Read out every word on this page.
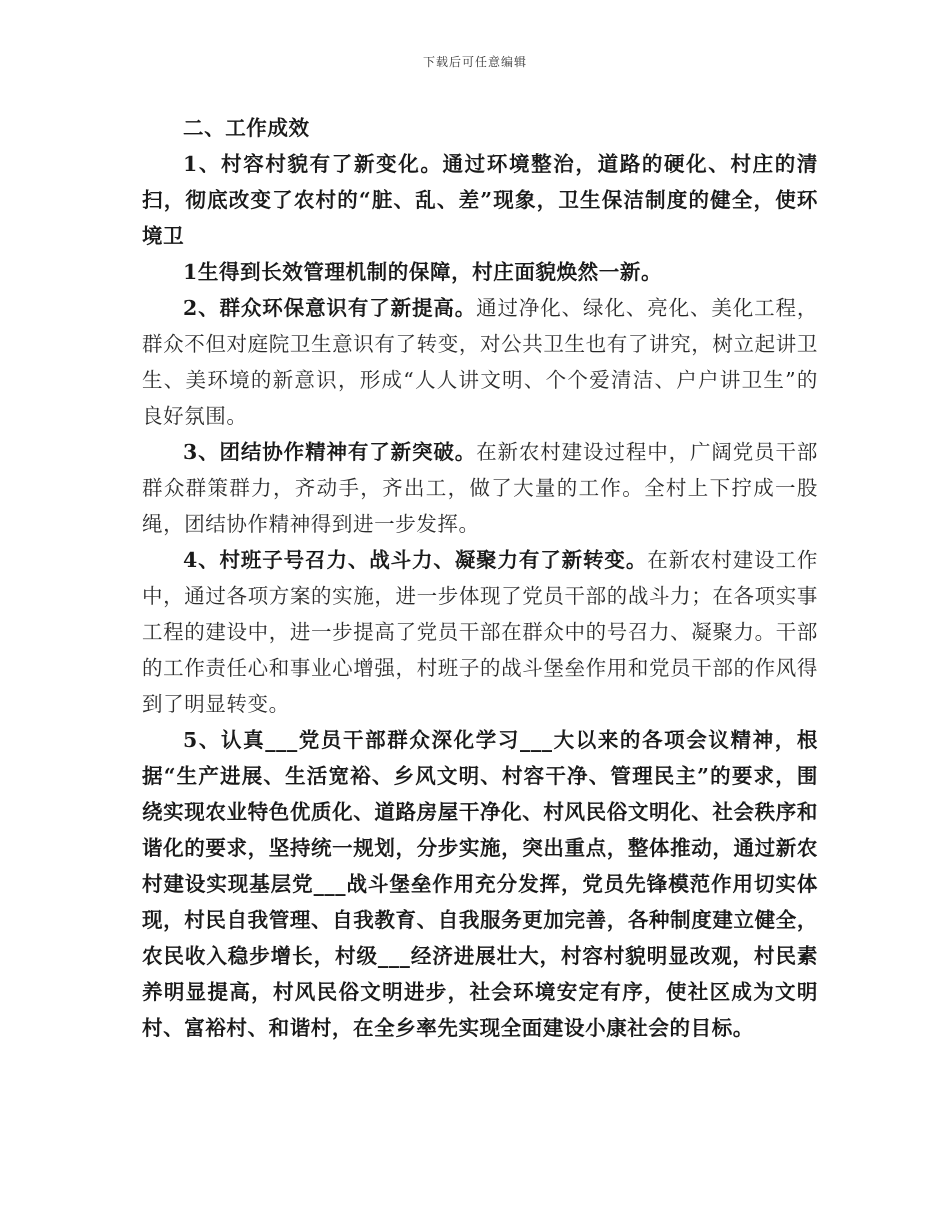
下载后可任意编辑

二、工作成效

1、村容村貌有了新变化。通过环境整治，道路的硬化、村庄的清扫，彻底改变了农村的“脏、乱、差”现象，卫生保洁制度的健全，使环境卫

1生得到长效管理机制的保障，村庄面貌焕然一新。

2、群众环保意识有了新提高。通过净化、绿化、亮化、美化工程，群众不但对庭院卫生意识有了转变，对公共卫生也有了讲究，树立起讲卫生、美环境的新意识，形成“人人讲文明、个个爱清洁、户户讲卫生”的良好氛围。

3、团结协作精神有了新突破。在新农村建设过程中，广阔党员干部群众群策群力，齐动手，齐出工，做了大量的工作。全村上下拧成一股绳，团结协作精神得到进一步发挥。

4、村班子号召力、战斗力、凝聚力有了新转变。在新农村建设工作中，通过各项方案的实施，进一步体现了党员干部的战斗力；在各项实事工程的建设中，进一步提高了党员干部在群众中的号召力、凝聚力。干部的工作责任心和事业心增强，村班子的战斗堡垒作用和党员干部的作风得到了明显转变。

5、认真___党员干部群众深化学习___大以来的各项会议精神，根据“生产进展、生活宽裕、乡风文明、村容干净、管理民主”的要求，围绕实现农业特色优质化、道路房屋干净化、村风民俗文明化、社会秩序和谐化的要求，坚持统一规划，分步实施，突出重点，整体推动，通过新农村建设实现基层党___战斗堡垒作用充分发挥，党员先锋模范作用切实体现，村民自我管理、自我教育、自我服务更加完善，各种制度建立健全，农民收入稳步增长，村级___经济进展壮大，村容村貌明显改观，村民素养明显提高，村风民俗文明进步，社会环境安定有序，使社区成为文明村、富裕村、和谐村，在全乡率先实现全面建设小康社会的目标。
